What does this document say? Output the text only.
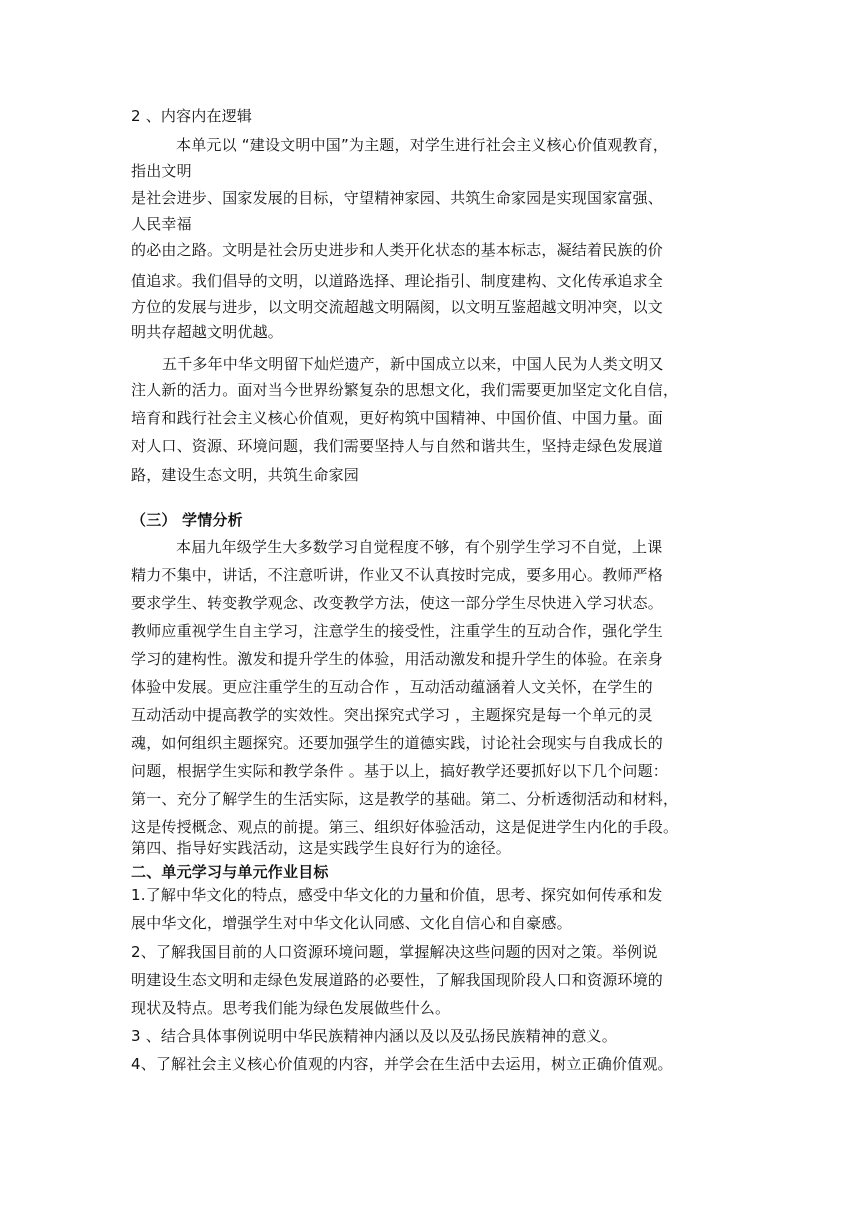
2 、内容内在逻辑
本单元以 “建设文明中国”为主题，对学生进行社会主义核心价值观教育，
指出文明
是社会进步、国家发展的目标，守望精神家园、共筑生命家园是实现国家富强、
人民幸福
的必由之路。文明是社会历史进步和人类开化状态的基本标志，凝结着民族的价
值追求。我们倡导的文明，以道路选择、理论指引、制度建构、文化传承追求全
方位的发展与进步，以文明交流超越文明隔阂，以文明互鉴超越文明冲突，以文
明共存超越文明优越。
五千多年中华文明留下灿烂遗产，新中国成立以来，中国人民为人类文明又
注人新的活力。面对当今世界纷繁复杂的思想文化，我们需要更加坚定文化自信，
培育和践行社会主义核心价值观，更好构筑中国精神、中国价值、中国力量。面
对人口、资源、环境问题，我们需要坚持人与自然和谐共生，坚持走绿色发展道
路，建设生态文明，共筑生命家园
（三） 学情分析
本届九年级学生大多数学习自觉程度不够，有个别学生学习不自觉，上课
精力不集中，讲话，不注意听讲，作业又不认真按时完成，要多用心。教师严格
要求学生、转变教学观念、改变教学方法，使这一部分学生尽快进入学习状态。
教师应重视学生自主学习，注意学生的接受性，注重学生的互动合作，强化学生
学习的建构性。激发和提升学生的体验，用活动激发和提升学生的体验。在亲身
体验中发展。更应注重学生的互动合作 ，互动活动蕴涵着人文关怀，在学生的
互动活动中提高教学的实效性。突出探究式学习 ，主题探究是每一个单元的灵
魂，如何组织主题探究。还要加强学生的道德实践，讨论社会现实与自我成长的
问题，根据学生实际和教学条件 。基于以上，搞好教学还要抓好以下几个问题：
第一、充分了解学生的生活实际，这是教学的基础。第二、分析透彻活动和材料，
这是传授概念、观点的前提。第三、组织好体验活动，这是促进学生内化的手段。
第四、指导好实践活动，这是实践学生良好行为的途径。
二、单元学习与单元作业目标
1.了解中华文化的特点，感受中华文化的力量和价值，思考、探究如何传承和发
展中华文化，增强学生对中华文化认同感、文化自信心和自豪感。
2、了解我国目前的人口资源环境问题，掌握解决这些问题的因对之策。举例说
明建设生态文明和走绿色发展道路的必要性，了解我国现阶段人口和资源环境的
现状及特点。思考我们能为绿色发展做些什么。
3 、结合具体事例说明中华民族精神内涵以及以及弘扬民族精神的意义。
4、了解社会主义核心价值观的内容，并学会在生活中去运用，树立正确价值观。
